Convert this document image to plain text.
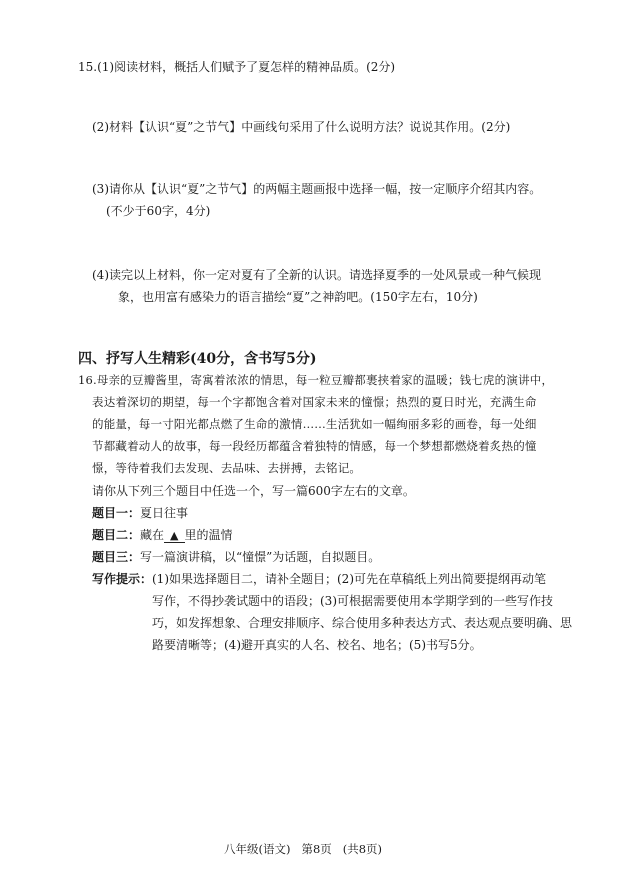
15.(1)阅读材料，概括人们赋予了夏怎样的精神品质。(2分)
(2)材料【认识“夏”之节气】中画线句采用了什么说明方法？说说其作用。(2分)
(3)请你从【认识“夏”之节气】的两幅主题画报中选择一幅，按一定顺序介绍其内容。
(不少于60字，4分)
(4)读完以上材料，你一定对夏有了全新的认识。请选择夏季的一处风景或一种气候现
象，也用富有感染力的语言描绘“夏”之神韵吧。(150字左右，10分)
四、抒写人生精彩(40分，含书写5分)
16.母亲的豆瓣酱里，寄寓着浓浓的情思，每一粒豆瓣都裹挟着家的温暖；钱七虎的演讲中，
表达着深切的期望，每一个字都饱含着对国家未来的憧憬；热烈的夏日时光，充满生命
的能量，每一寸阳光都点燃了生命的激情……生活犹如一幅绚丽多彩的画卷，每一处细
节都藏着动人的故事，每一段经历都蕴含着独特的情感，每一个梦想都燃烧着炙热的憧
憬，等待着我们去发现、去品味、去拼搏，去铭记。
请你从下列三个题目中任选一个，写一篇600字左右的文章。
题目一：夏日往事
题目二：藏在 ▲ 里的温情
题目三：写一篇演讲稿，以“憧憬”为话题，自拟题目。
写作提示： (1)如果选择题目二，请补全题目；(2)可先在草稿纸上列出简要提纲再动笔
写作，不得抄袭试题中的语段；(3)可根据需要使用本学期学到的一些写作技
巧，如发挥想象、合理安排顺序、综合使用多种表达方式、表达观点要明确、思
路要清晰等；(4)避开真实的人名、校名、地名；(5)书写5分。
八年级(语文)   第8页   (共8页)
